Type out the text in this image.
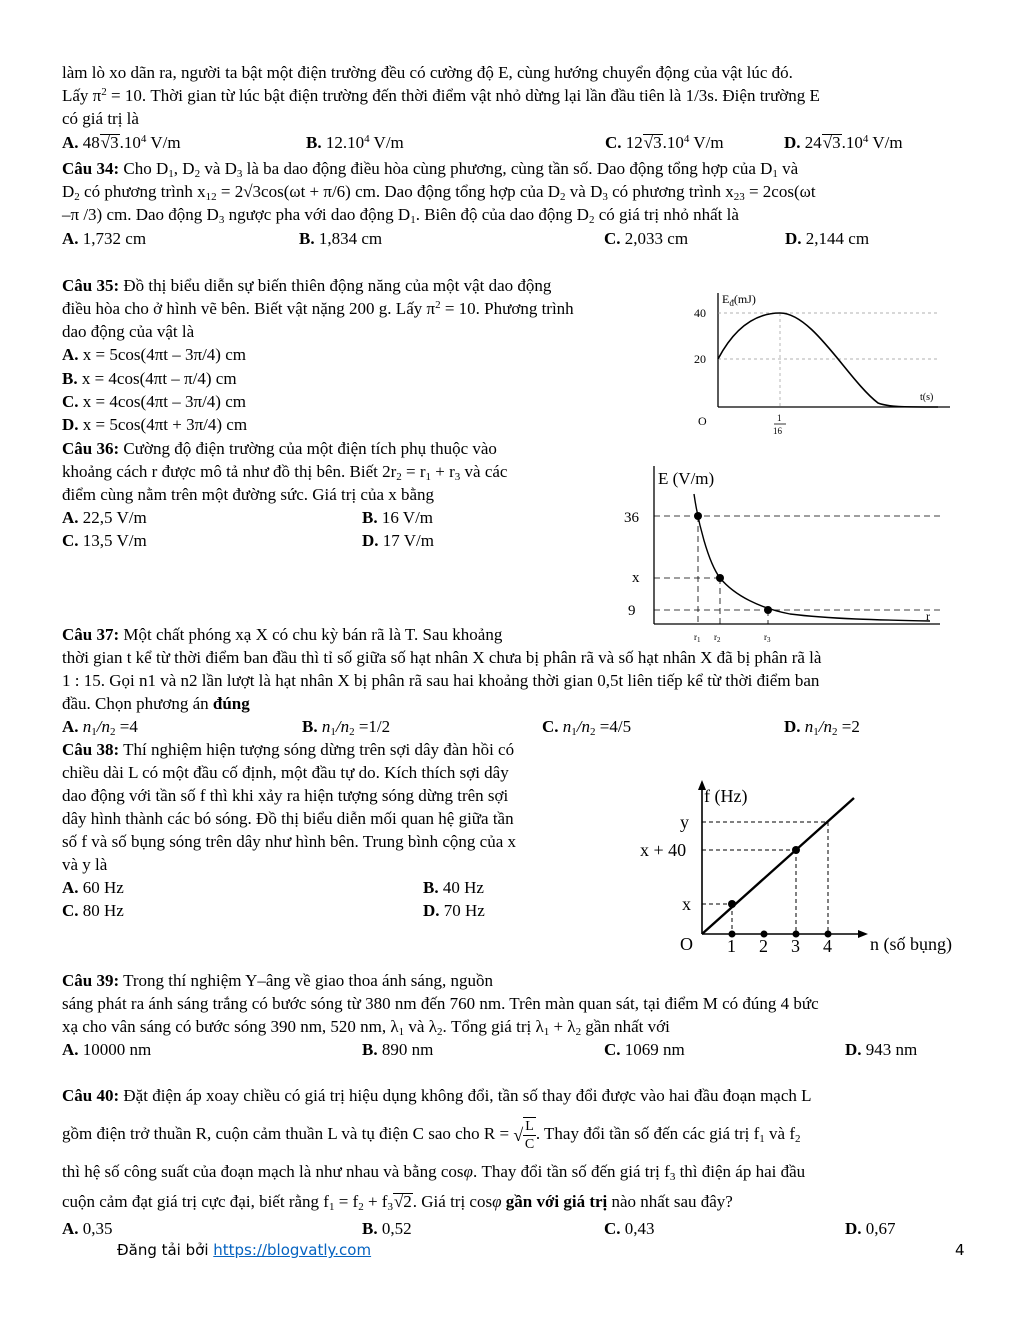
làm lò xo dãn ra, người ta bật một điện trường đều có cường độ E, cùng hướng chuyển động của vật lúc đó.
Lấy $\pi^2 = 10$. Thời gian từ lúc bật điện trường đến thời điểm vật nhỏ dừng lại lần đầu tiên là 1/3s. Điện trường E
có giá trị là
A. 48√3.10$^4$ V/m	B. 12.10$^4$ V/m	C. 12√3.10$^4$ V/m	D. 24√3.10$^4$ V/m
Câu 34: Cho $D_1$, $D_2$ và $D_3$ là ba dao động điều hòa cùng phương, cùng tần số. Dao động tổng hợp của $D_1$ và
$D_2$ có phương trình $x_{12} = 2√3\cos(\omega t + \pi/6)$ cm. Dao động tổng hợp của $D_2$ và $D_3$ có phương trình $x_{23} = 2\cos(\omega t$
–π /3) cm. Dao động $D_3$ ngược pha với dao động $D_1$. Biên độ của dao động $D_2$ có giá trị nhỏ nhất là
A. 1,732 cm	B. 1,834 cm	C. 2,033 cm	D. 2,144 cm
Câu 35: Đồ thị biểu diễn sự biến thiên động năng của một vật dao động
điều hòa cho ở hình vẽ bên. Biết vật nặng 200 g. Lấy $\pi^2 = 10$. Phương trình
dao động của vật là
A. x = 5cos(4πt – 3π/4) cm
B. x = 4cos(4πt – π/4) cm
C. x = 4cos(4πt – 3π/4) cm
D. x = 5cos(4πt + 3π/4) cm
$E_đ(mJ)$
40
20
O
t(s)
1
16
Câu 36: Cường độ điện trường của một điện tích phụ thuộc vào
khoảng cách r được mô tả như đồ thị bên. Biết $2r_2 = r_1 + r_3$ và các
điểm cùng nằm trên một đường sức. Giá trị của x bằng
A. 22,5 V/m	B. 16 V/m
C. 13,5 V/m	D. 17 V/m
E (V/m)
36
x
9	r
$r_1$ $r_2$	$r_3$
Câu 37: Một chất phóng xạ X có chu kỳ bán rã là T. Sau khoảng
thời gian t kể từ thời điểm ban đầu thì tỉ số giữa số hạt nhân X chưa bị phân rã và số hạt nhân X đã bị phân rã là
1 : 15. Gọi n1 và n2 lần lượt là hạt nhân X bị phân rã sau hai khoảng thời gian 0,5t liên tiếp kể từ thời điểm ban
đầu. Chọn phương án đúng
A. $n_1/n_2 =4$	B. $n_1/n_2 =1/2$	C. $n_1/n_2 =4/5$	D. $n_1/n_2 =2$
Câu 38: Thí nghiệm hiện tượng sóng dừng trên sợi dây đàn hồi có
chiều dài L có một đầu cố định, một đầu tự do. Kích thích sợi dây
dao động với tần số f thì khi xảy ra hiện tượng sóng dừng trên sợi
dây hình thành các bó sóng. Đồ thị biểu diễn mối quan hệ giữa tần
số f và số bụng sóng trên dây như hình bên. Trung bình cộng của x
và y là
A. 60 Hz	B. 40 Hz
C. 80 Hz	D. 70 Hz
f (Hz)
y
x + 40
x
O 1 2 3 4 n (số bụng)
Câu 39: Trong thí nghiệm Y–âng về giao thoa ánh sáng, nguồn
sáng phát ra ánh sáng trắng có bước sóng từ 380 nm đến 760 nm. Trên màn quan sát, tại điểm M có đúng 4 bức
xạ cho vân sáng có bước sóng 390 nm, 520 nm, $\lambda_1$ và $\lambda_2$. Tổng giá trị $\lambda_1 + \lambda_2$ gần nhất với
A. 10000 nm	B. 890 nm	C. 1069 nm	D. 943 nm
Câu 40: Đặt điện áp xoay chiều có giá trị hiệu dụng không đổi, tần số thay đổi được vào hai đầu đoạn mạch L
gồm điện trở thuần R, cuộn cảm thuần L và tụ điện C sao cho R = √ $\frac{L}{C}$ . Thay đổi tần số đến các giá trị $f_1$ và $f_2$
thì hệ số công suất của đoạn mạch là như nhau và bằng cosφ. Thay đổi tần số đến giá trị $f_3$ thì điện áp hai đầu
cuộn cảm đạt giá trị cực đại, biết rằng $f_1 = f_2 + f_3√2$. Giá trị cosφ gần với giá trị nào nhất sau đây?
A. 0,35	B. 0,52	C. 0,43	D. 0,67
Đăng tải bởi https://blogvatly.com	4
